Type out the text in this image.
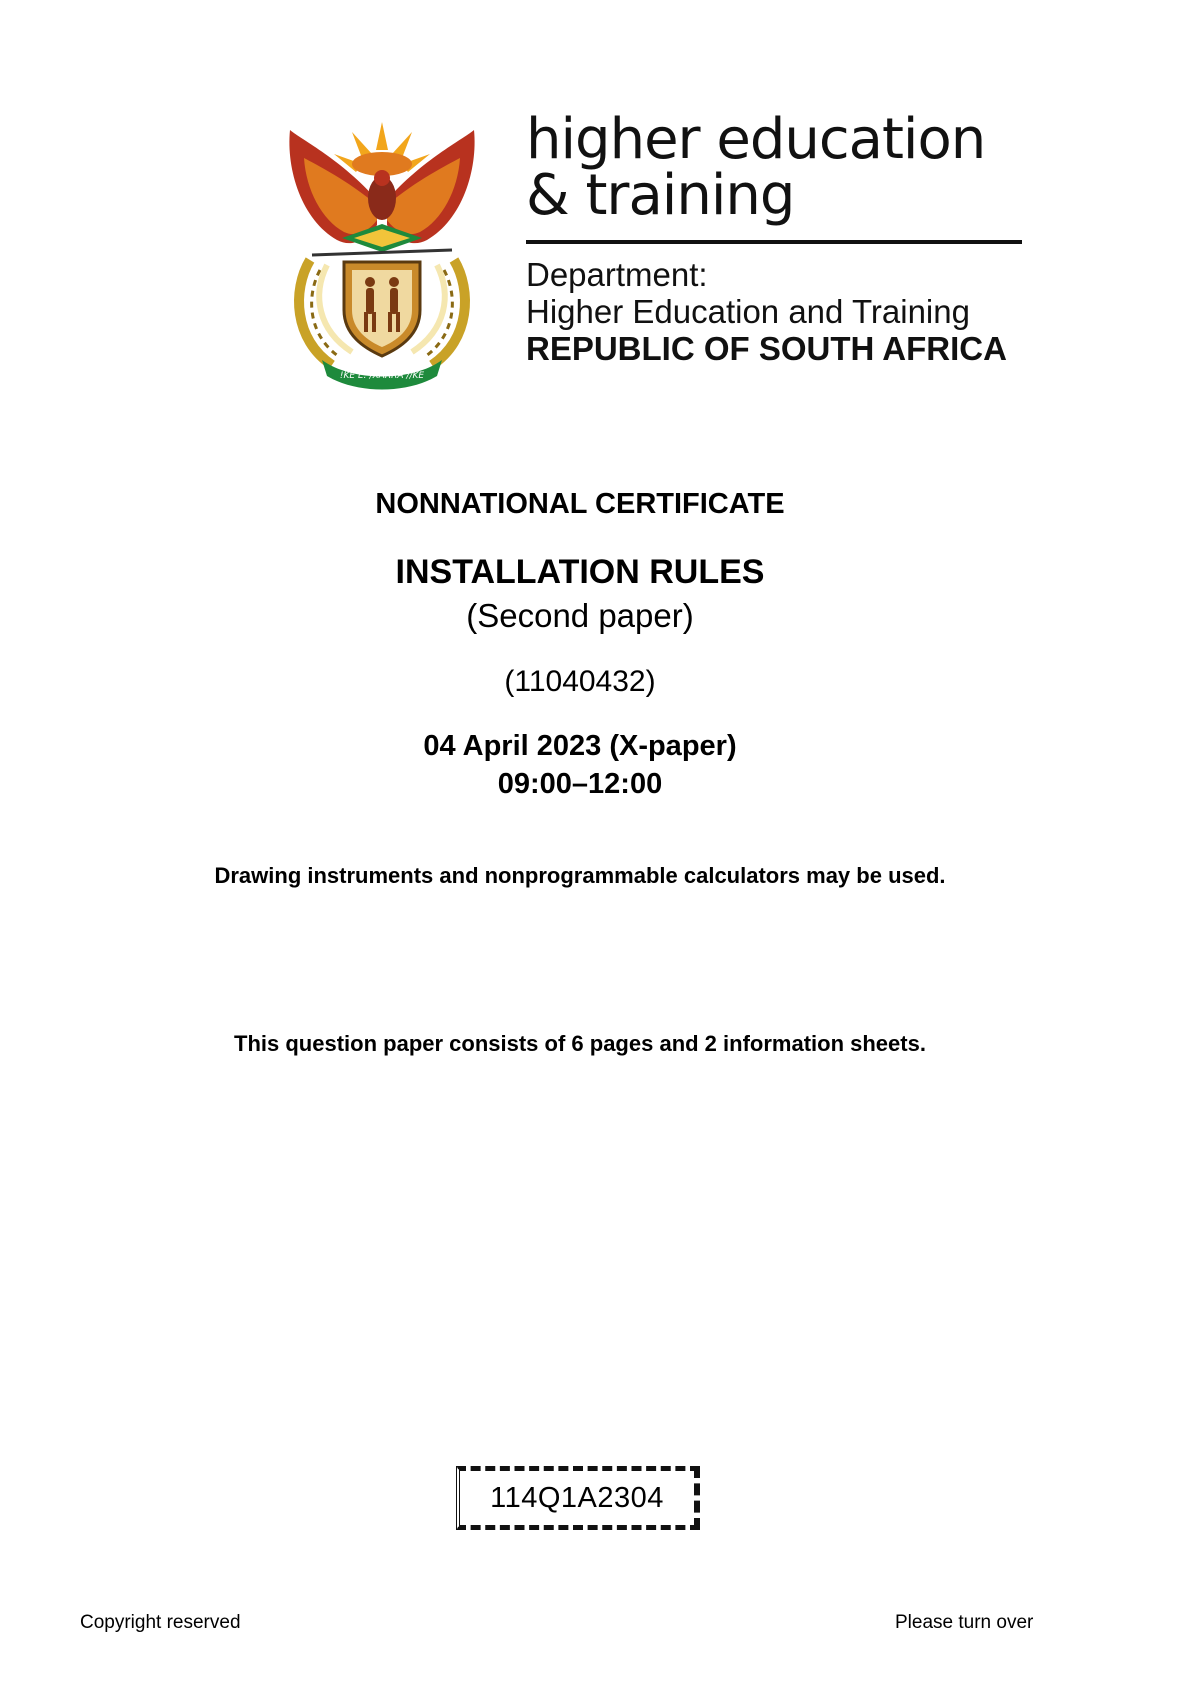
!KE E: /XARRA //KE
higher education
& training
Department:
Higher Education and Training
REPUBLIC OF SOUTH AFRICA
NONNATIONAL CERTIFICATE
INSTALLATION RULES
(Second paper)
(11040432)
04 April 2023 (X-paper)
09:00–12:00
Drawing instruments and nonprogrammable calculators may be used.
This question paper consists of 6 pages and 2 information sheets.
114Q1A2304
Copyright reserved	Please turn over
